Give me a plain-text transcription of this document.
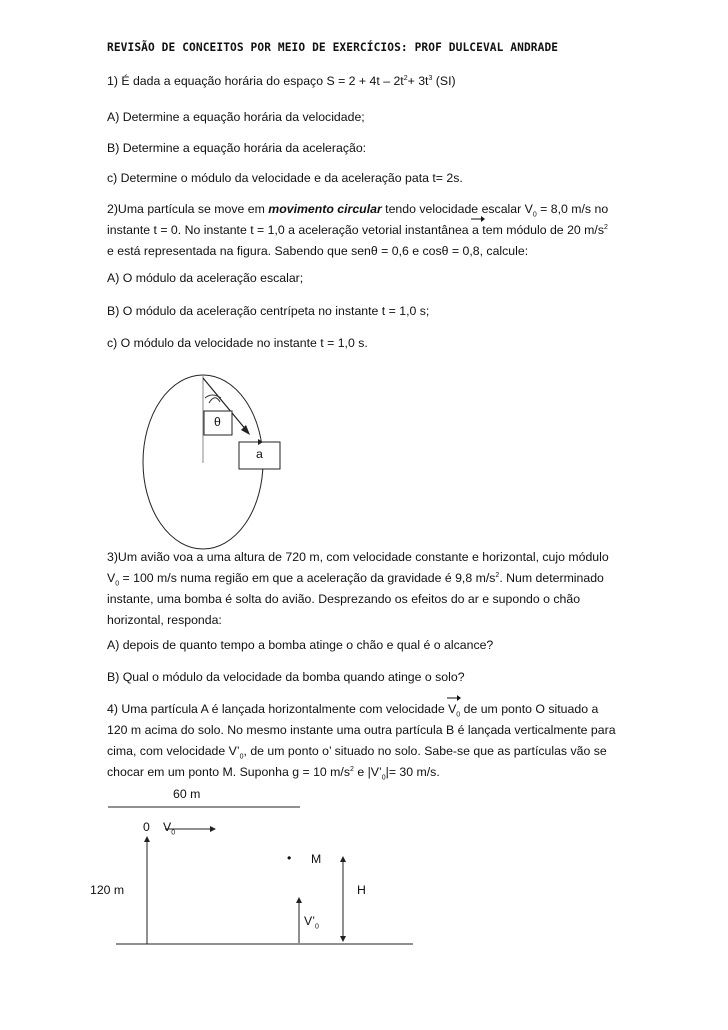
REVISÃO DE CONCEITOS POR MEIO DE EXERCÍCIOS: PROF DULCEVAL ANDRADE
1) É dada a equação horária do espaço $S = 2 + 4t - 2t^2+ 3t^3$ (SI)
A) Determine a equação horária da velocidade;
B) Determine a equação horária da aceleração:
c) Determine o módulo da velocidade e da aceleração pata t= 2s.
2)Uma partícula se move em movimento circular tendo velocidade escalar $V_0 = 8,0$ m/s no
instante t = 0. No instante t = 1,0 a aceleração vetorial instantânea
a tem módulo de 20 $m/s^2$
e está representada na figura. Sabendo que senθ = 0,6 e cosθ = 0,8, calcule:
A) O módulo da aceleração escalar;
B) O módulo da aceleração centrípeta no instante t = 1,0 s;
c) O módulo da velocidade no instante t = 1,0 s.
θ
a
3)Um avião voa a uma altura de 720 m, com velocidade constante e horizontal, cujo módulo
$V_0 = 100$ m/s numa região em que a aceleração da gravidade é 9,8 $m/s^2$. Num determinado
instante, uma bomba é solta do avião. Desprezando os efeitos do ar e supondo o chão
horizontal, responda:
A) depois de quanto tempo a bomba atinge o chão e qual é o alcance?
B) Qual o módulo da velocidade da bomba quando atinge o solo?
4) Uma partícula A é lançada horizontalmente com velocidade
$V_0$ de um ponto O situado a
120 m acima do solo. No mesmo instante uma outra partícula B é lançada verticalmente para
cima, com velocidade $V’_0$, de um ponto o’ situado no solo. Sabe-se que as partículas vão se
chocar em um ponto M. Suponha g = 10 $m/s^2$ e $|V’_0|= 30$ m/s.
60 m
0 $V_0$
• M
120 m	H
$V’_0$
